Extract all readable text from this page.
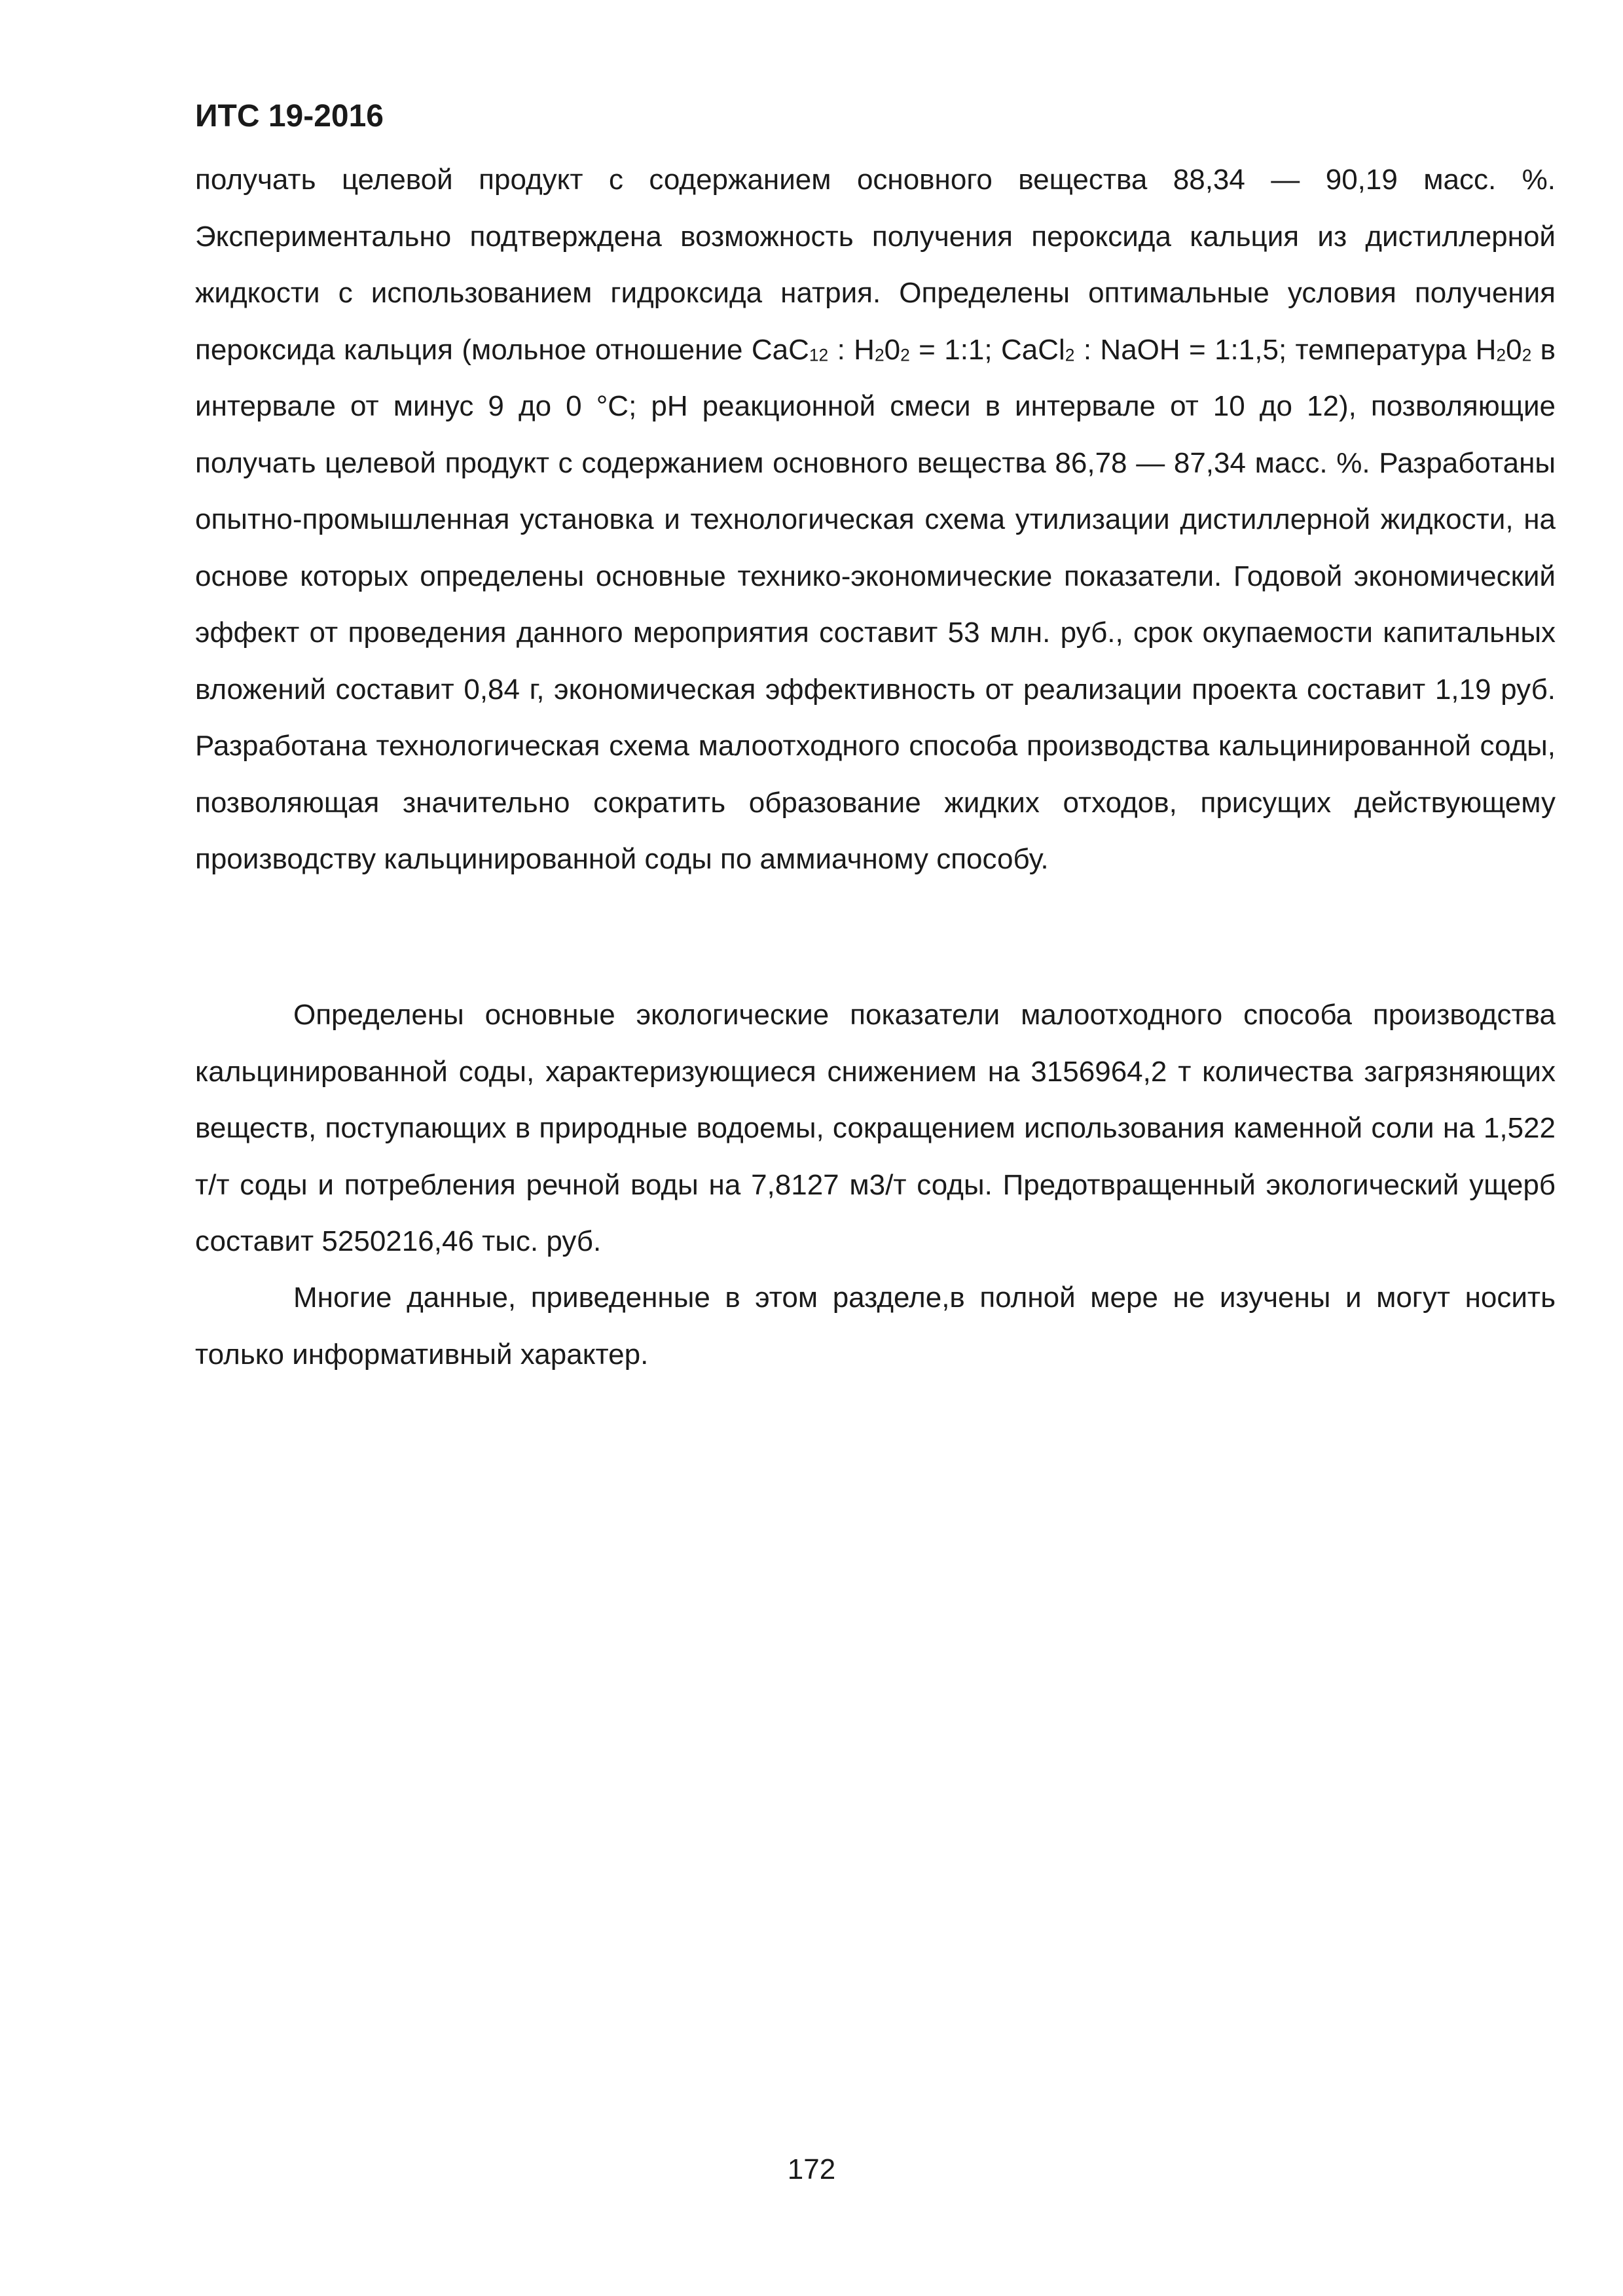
ИТС 19-2016

получать целевой продукт с содержанием основного вещества 88,34 — 90,19 масс. %. Экспериментально подтверждена возможность получения пероксида кальция из дистиллерной жидкости с использованием гидроксида натрия. Определены оптимальные условия получения пероксида кальция (мольное отношение CaC$_{12}$ : $H_20_2$ = 1:1; CaCl$_2$ : NaOH = 1:1,5; температура $H_20_2$ в интервале от минус 9 до 0 °С; pH реакционной смеси в интервале от 10 до 12), позволяющие получать целевой продукт с содержанием основного вещества 86,78 — 87,34 масс. %. Разработаны опытно-промышленная установка и технологическая схема утилизации дистиллерной жидкости, на основе которых определены основные технико-экономические показатели. Годовой экономический эффект от проведения данного мероприятия составит 53 млн. руб., срок окупаемости капитальных вложений составит 0,84 г, экономическая эффективность от реализации проекта составит 1,19 руб. Разработана технологическая схема малоотходного способа производства кальцинированной соды, позволяющая значительно сократить образование жидких отходов, присущих действующему производству кальцинированной соды по аммиачному способу.

Определены основные экологические показатели малоотходного способа производства кальцинированной соды, характеризующиеся снижением на 3156964,2 т количества загрязняющих веществ, поступающих в природные водоемы, сокращением использования каменной соли на 1,522 т/т соды и потребления речной воды на 7,8127 м3/т соды. Предотвращенный экологический ущерб составит 5250216,46 тыс. руб.

Многие данные, приведенные в этом разделе,в полной мере не изучены и могут носить только информативный характер.

172
